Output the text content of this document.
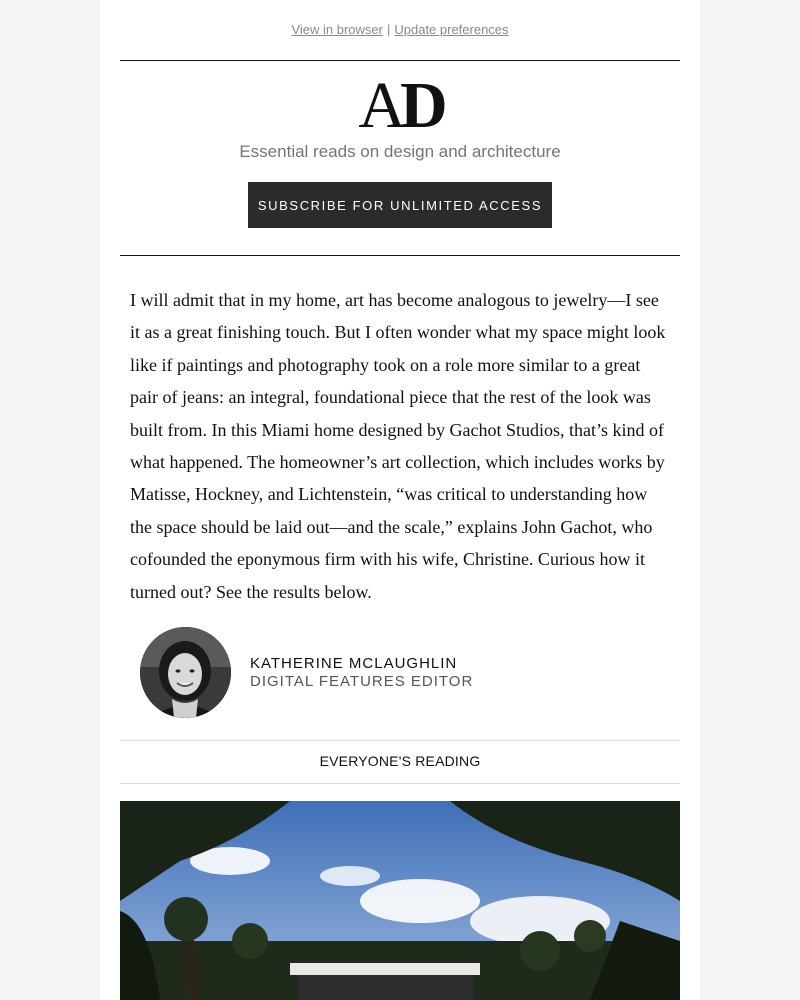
View in browser | Update preferences
AD
Essential reads on design and architecture
SUBSCRIBE FOR UNLIMITED ACCESS

I will admit that in my home, art has become analogous to jewelry—I see it as a great finishing touch. But I often wonder what my space might look like if paintings and photography took on a role more similar to a great pair of jeans: an integral, foundational piece that the rest of the look was built from. In this Miami home designed by Gachot Studios, that’s kind of what happened. The homeowner’s art collection, which includes works by Matisse, Hockney, and Lichtenstein, “was critical to understanding how the space should be laid out—and the scale,” explains John Gachot, who cofounded the eponymous firm with his wife, Christine. Curious how it turned out? See the results below.

KATHERINE MCLAUGHLIN
DIGITAL FEATURES EDITOR
EVERYONE'S READING
